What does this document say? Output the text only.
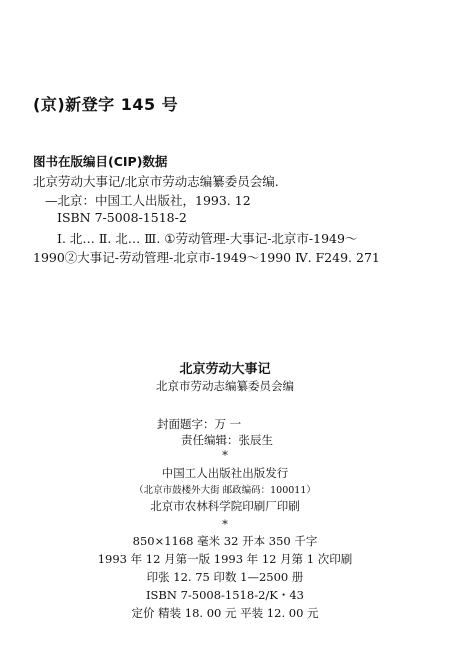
(京)新登字 145 号
图书在版编目(CIP)数据
北京劳动大事记/北京市劳动志编纂委员会编.
—北京：中国工人出版社，1993. 12
ISBN 7-5008-1518-2
Ⅰ. 北… Ⅱ. 北… Ⅲ. ①劳动管理-大事记-北京市-1949～
1990②大事记-劳动管理-北京市-1949～1990 Ⅳ. F249. 271
北京劳动大事记
北京市劳动志编纂委员会编
封面题字：万 一
责任编辑：张辰生
*
中国工人出版社出版发行
（北京市鼓楼外大街 邮政编码：100011）
北京市农林科学院印刷厂印刷
*
850×1168 毫米 32 开本 350 千字
1993 年 12 月第一版 1993 年 12 月第 1 次印刷
印张 12. 75 印数 1—2500 册
ISBN 7-5008-1518-2/K・43
定价 精装 18. 00 元 平装 12. 00 元
